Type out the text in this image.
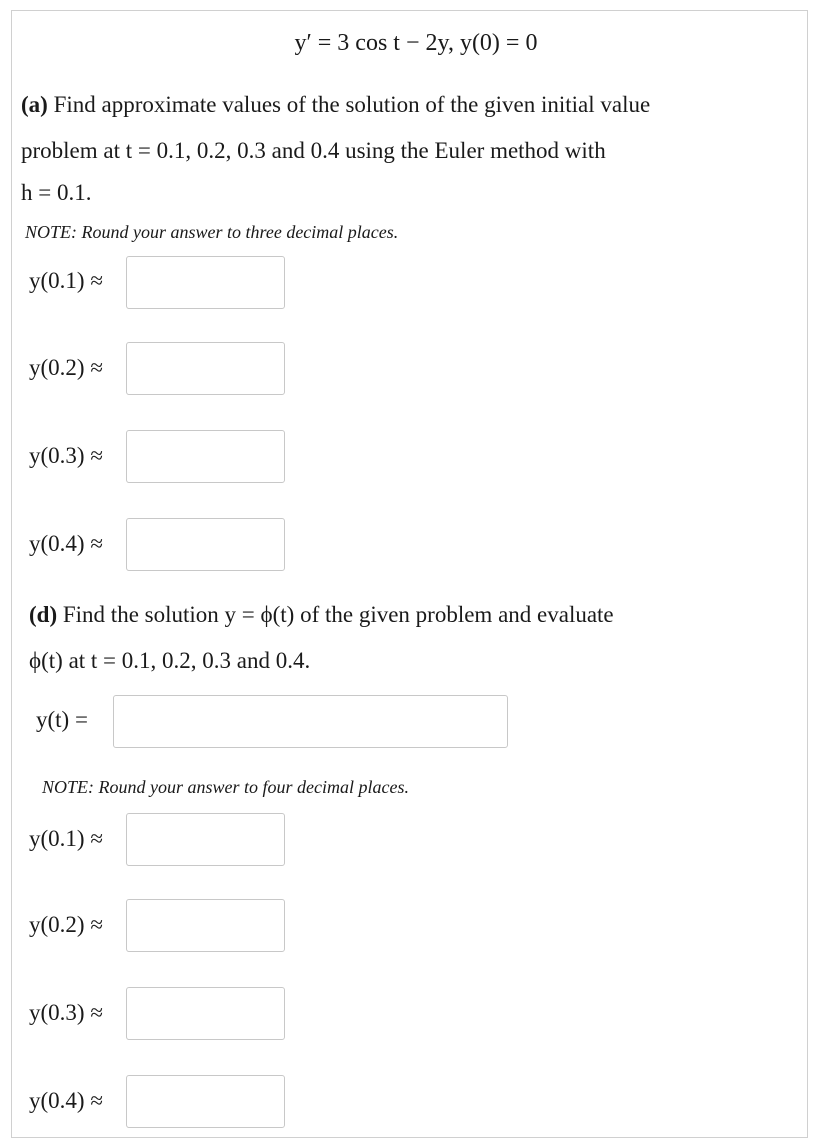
y′ = 3 cos t − 2y, y(0) = 0
(a) Find approximate values of the solution of the given initial value
problem at t = 0.1, 0.2, 0.3 and 0.4 using the Euler method with
h = 0.1.
NOTE: Round your answer to three decimal places.
y(0.1) ≈
y(0.2) ≈
y(0.3) ≈
y(0.4) ≈
(d) Find the solution y = ϕ(t) of the given problem and evaluate
ϕ(t) at t = 0.1, 0.2, 0.3 and 0.4.
y(t) =
NOTE: Round your answer to four decimal places.
y(0.1) ≈
y(0.2) ≈
y(0.3) ≈
y(0.4) ≈
